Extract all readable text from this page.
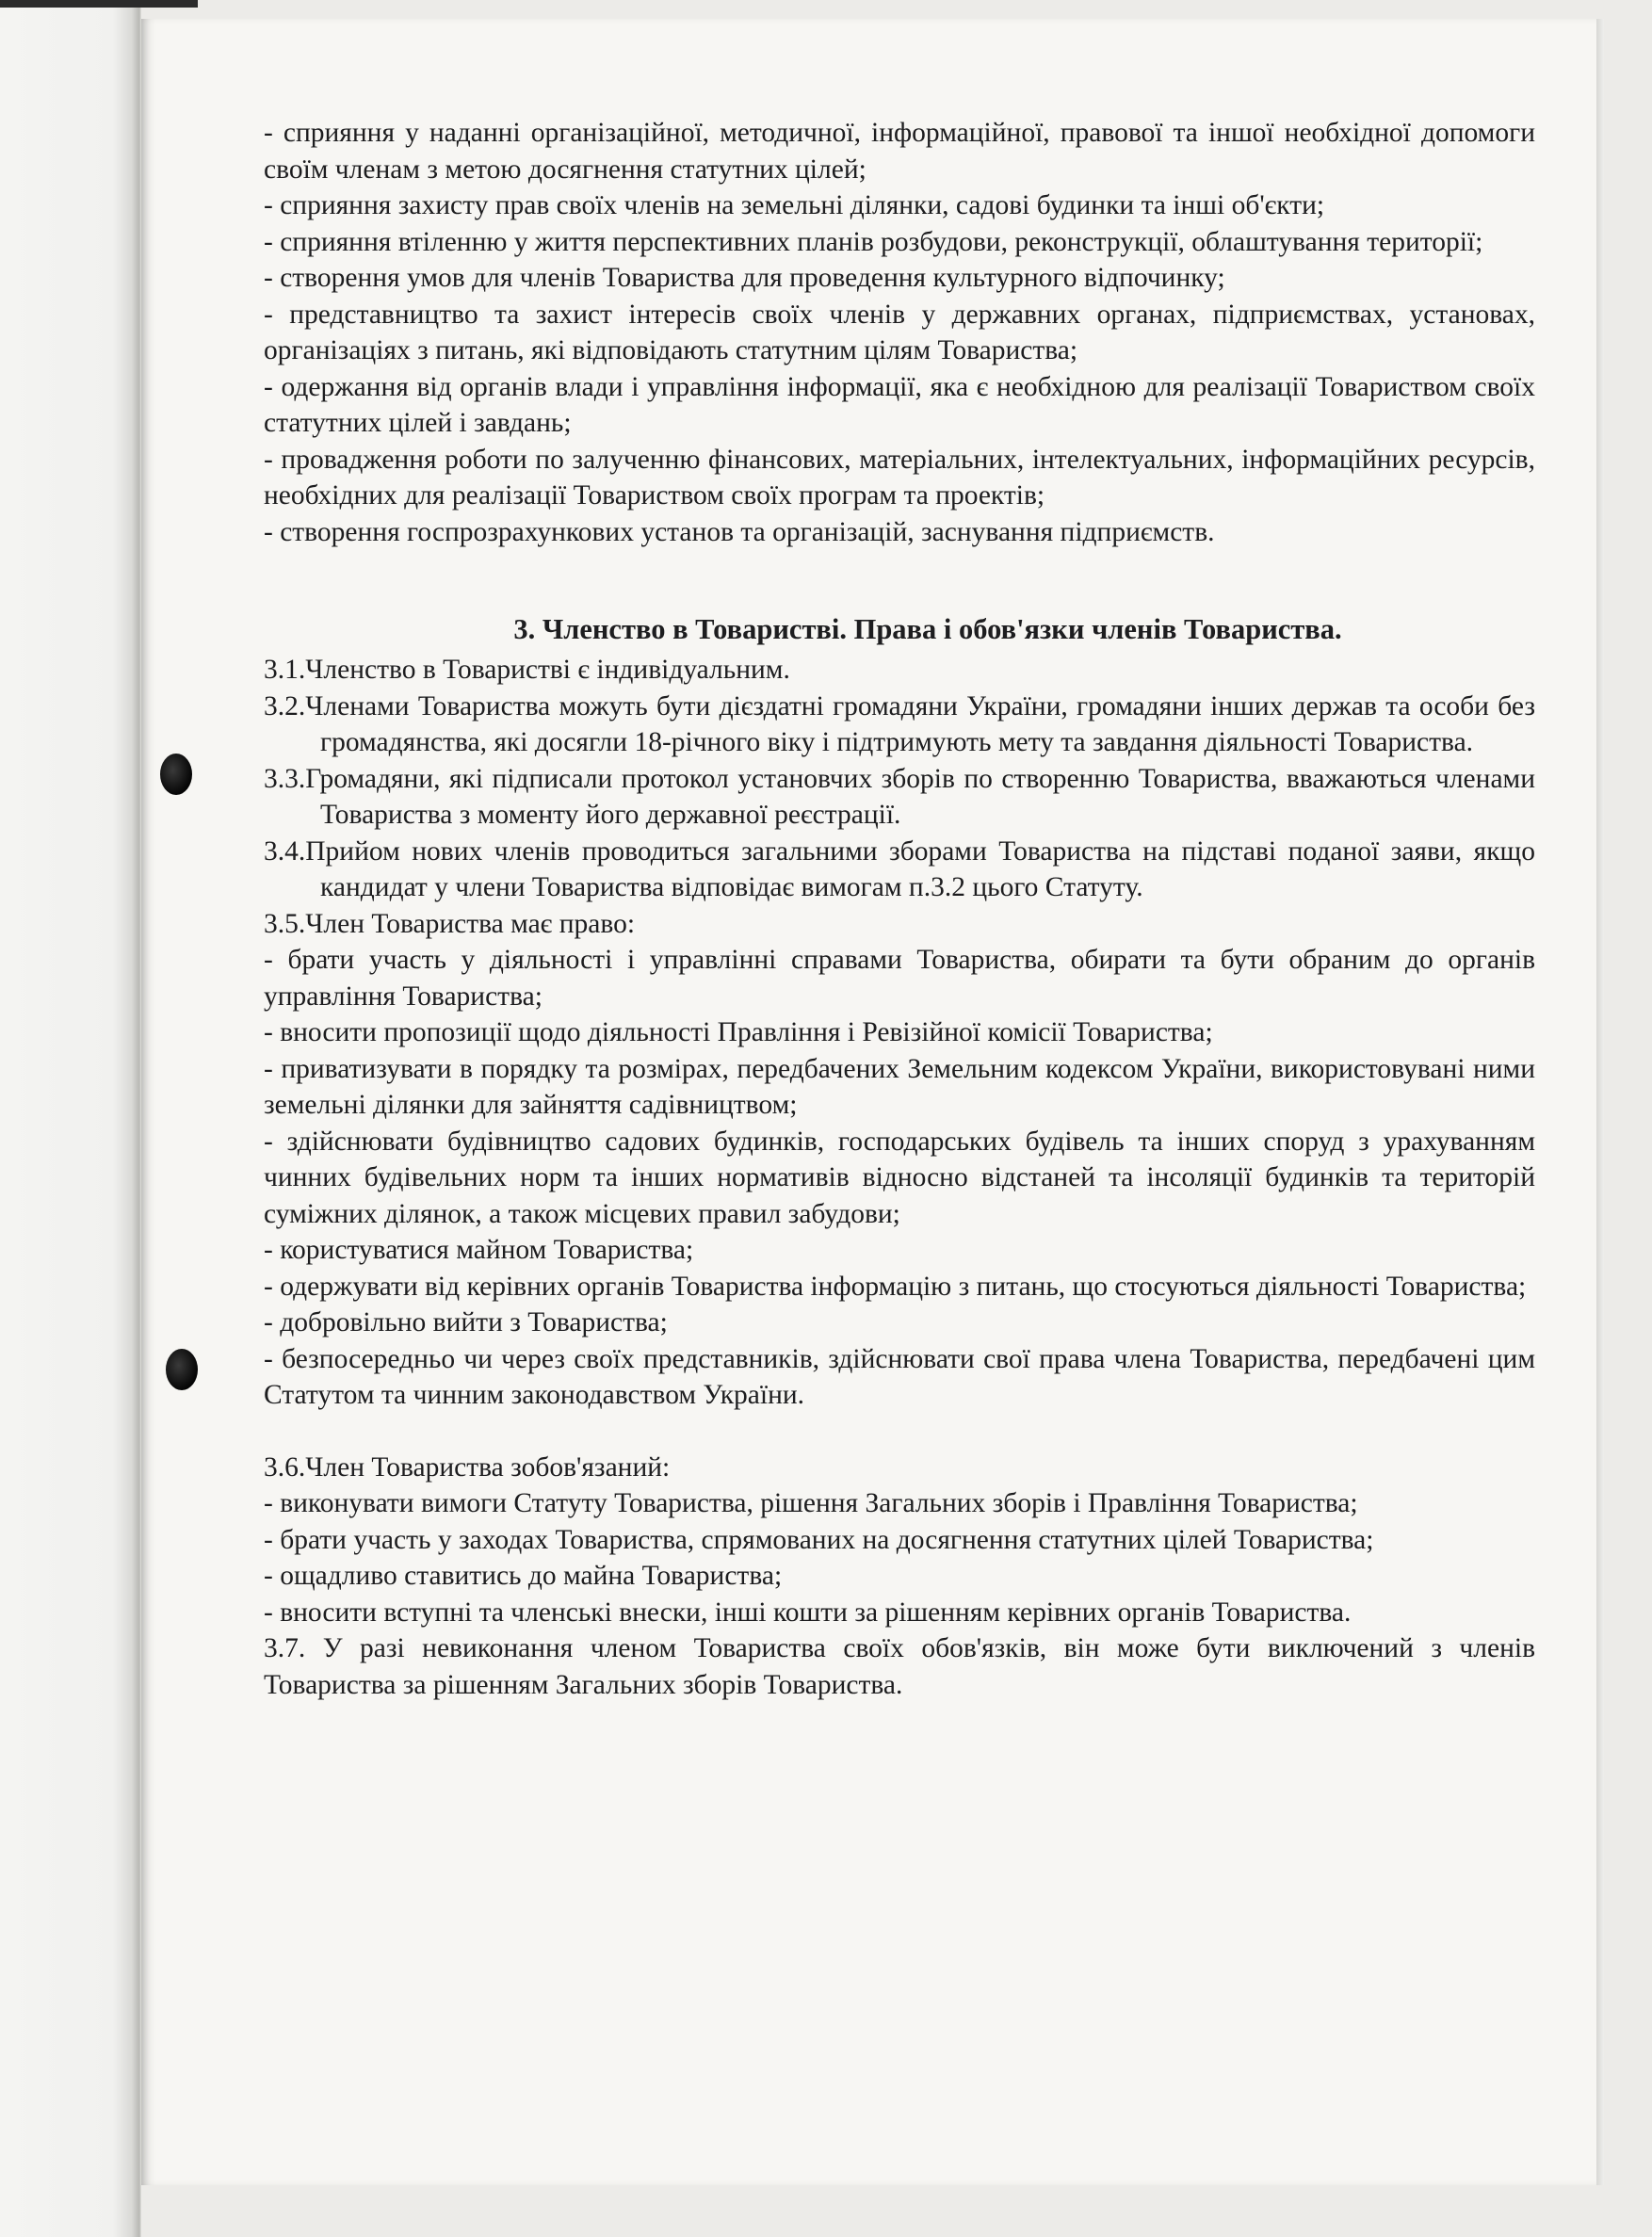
- сприяння у наданні організаційної, методичної, інформаційної, правової та іншої необхідної допомоги своїм членам з метою досягнення статутних цілей;

- сприяння захисту прав своїх членів на земельні ділянки, садові будинки та інші об'єкти;

- сприяння втіленню у життя перспективних планів розбудови, реконструкції, облаштування території;

- створення умов для членів Товариства для проведення культурного відпочинку;

- представництво та захист інтересів своїх членів у державних органах, підприємствах, установах, організаціях з питань, які відповідають статутним цілям Товариства;

- одержання від органів влади і управління інформації, яка є необхідною для реалізації Товариством своїх статутних цілей і завдань;

- провадження роботи по залученню фінансових, матеріальних, інтелектуальних, інформаційних ресурсів, необхідних для реалізації Товариством своїх програм та проектів;

- створення госпрозрахункових установ та організацій, заснування підприємств.

3. Членство в Товаристві. Права і обов'язки членів Товариства.

3.1.Членство в Товаристві є індивідуальним.

3.2.Членами Товариства можуть бути дієздатні громадяни України, громадяни інших держав та особи без громадянства, які досягли 18-річного віку і підтримують мету та завдання діяльності Товариства.

3.3.Громадяни, які підписали протокол установчих зборів по створенню Товариства, вважаються членами Товариства з моменту його державної реєстрації.

3.4.Прийом нових членів проводиться загальними зборами Товариства на підставі поданої заяви, якщо кандидат у члени Товариства відповідає вимогам п.3.2 цього Статуту.

3.5.Член Товариства має право:

- брати участь у діяльності і управлінні справами Товариства, обирати та бути обраним до органів управління Товариства;

- вносити пропозиції щодо діяльності Правління і Ревізійної комісії Товариства;

- приватизувати в порядку та розмірах, передбачених Земельним кодексом України, використовувані ними земельні ділянки для зайняття садівництвом;

- здійснювати будівництво садових будинків, господарських будівель та інших споруд з урахуванням чинних будівельних норм та інших нормативів відносно відстаней та інсоляції будинків та територій суміжних ділянок, а також місцевих правил забудови;

- користуватися майном Товариства;

- одержувати від керівних органів Товариства інформацію з питань, що стосуються діяльності Товариства;

- добровільно вийти з Товариства;

- безпосередньо чи через своїх представників, здійснювати свої права члена Товариства, передбачені цим Статутом та чинним законодавством України.

3.6.Член Товариства зобов'язаний:

- виконувати вимоги Статуту Товариства, рішення Загальних зборів і Правління Товариства;

- брати участь у заходах Товариства, спрямованих на досягнення статутних цілей Товариства;

- ощадливо ставитись до майна Товариства;

- вносити вступні та членські внески, інші кошти за рішенням керівних органів Товариства.

3.7. У разі невиконання членом Товариства своїх обов'язків, він може бути виключений з членів Товариства за рішенням Загальних зборів Товариства.
